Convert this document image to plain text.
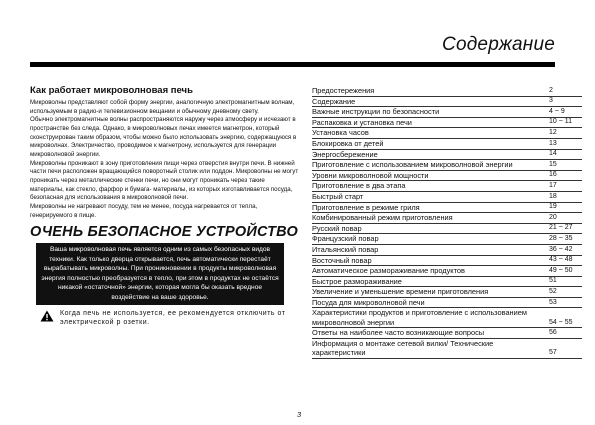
Содержание
Как работает микроволновая печь

Микроволны представляют собой форму энергии, аналогичную электромагнитным волнам, используемым в радио-и телевизионном вещании и обычному дневному свету.

Обычно электромагнитные волны распространяются наружу через атмосферу и исчезают в пространстве без следа. Однако, в микроволновых печах имеется магнетрон, который сконструирован таким образом, чтобы можно было использовать энергию, содержащуюся в микроволнах. Электричество, проводимое к магнетрону, используется для генерации микроволновой энергии.

Микроволны проникают в зону приготовления пищи через отверстия внутри печи. В нижней части печи расположен вращающийся поворотный столик или поддон. Микроволны не могут проникать через металлические стенки печи, но они могут проникать через такие материалы, как стекло, фарфор и бумага- материалы, из которых изготавливается посуда, безопасная для использования в микроволновой печи.

Микроволны не нагревают посуду, тем не менее, посуда нагревается от тепла, генерируемого в пище.

ОЧЕНЬ БЕЗОПАСНОЕ УСТРОЙСТВО

Ваша микроволновая печь является одним из самых безопасных видов техники. Как только дверца открывается, печь автоматически перестаёт вырабатывать микроволны. При проникновении в продукты микроволновая энергия полностью преобразуется в тепло, при этом в продуктах не остаётся никакой «остаточной» энергии, которая могла бы оказать вредное воздействие на ваше здоровье.

Когда печь не используется, ее рекомендуется отключить от электрической р озетки.
Предостережения	2
Содержание	3
Важные инструкции по безопасности	4 ~ 9
Распаковка и установка печи	10 ~ 11
Установка часов	12
Блокировка от детей	13
Энергосбережение	14
Приготовление с использованием микроволновой энергии	15
Уровни микроволновой мощности	16
Приготовление в два этапа	17
Быстрый старт	18
Приготовление в режиме гриля	19
Комбинированный режим приготовления	20
Русский повар	21 ~ 27
Французский повар	28 ~ 35
Итальянский повар	36 ~ 42
Восточный повар	43 ~ 48
Автоматическое размораживание продуктов	49 ~ 50
Быстрое размораживание	51
Увеличение и уменьшение времени приготовления	52
Посуда для микроволновой печи	53
Характеристики продуктов и приготовление с использованием микроволновой энергии	54 ~ 55
Ответы на наиболее часто возникающие вопросы	56
Информация о монтаже сетевой вилки/ Технические характеристики	57
3
